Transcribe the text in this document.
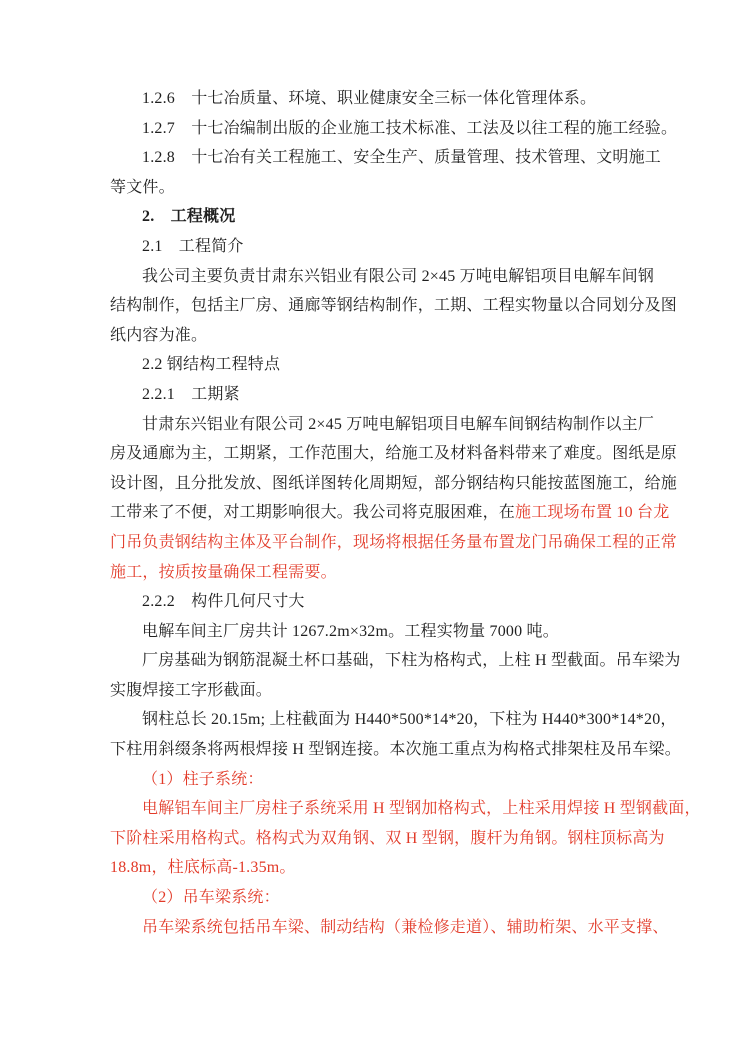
1.2.6　十七冶质量、环境、职业健康安全三标一体化管理体系。
1.2.7　十七冶编制出版的企业施工技术标准、工法及以往工程的施工经验。
1.2.8　十七冶有关工程施工、安全生产、质量管理、技术管理、文明施工
等文件。
2.　工程概况
2.1　工程简介
我公司主要负责甘肃东兴铝业有限公司 2×45 万吨电解铝项目电解车间钢
结构制作，包括主厂房、通廊等钢结构制作，工期、工程实物量以合同划分及图
纸内容为准。
2.2 钢结构工程特点
2.2.1　工期紧
甘肃东兴铝业有限公司 2×45 万吨电解铝项目电解车间钢结构制作以主厂
房及通廊为主，工期紧，工作范围大，给施工及材料备料带来了难度。图纸是原
设计图，且分批发放、图纸详图转化周期短，部分钢结构只能按蓝图施工，给施
工带来了不便，对工期影响很大。我公司将克服困难，在施工现场布置 10 台龙
门吊负责钢结构主体及平台制作，现场将根据任务量布置龙门吊确保工程的正常
施工，按质按量确保工程需要。
2.2.2　构件几何尺寸大
电解车间主厂房共计 1267.2m×32m。工程实物量 7000 吨。
厂房基础为钢筋混凝土杯口基础，下柱为格构式，上柱 H 型截面。吊车梁为
实腹焊接工字形截面。
钢柱总长 20.15m; 上柱截面为 H440*500*14*20，下柱为 H440*300*14*20，
下柱用斜缀条将两根焊接 H 型钢连接。本次施工重点为构格式排架柱及吊车梁。
（1）柱子系统：
电解铝车间主厂房柱子系统采用 H 型钢加格构式，上柱采用焊接 H 型钢截面，
下阶柱采用格构式。格构式为双角钢、双 H 型钢，腹杆为角钢。钢柱顶标高为
18.8m，柱底标高-1.35m。
（2）吊车梁系统：
吊车梁系统包括吊车梁、制动结构（兼检修走道）、辅助桁架、水平支撑、
